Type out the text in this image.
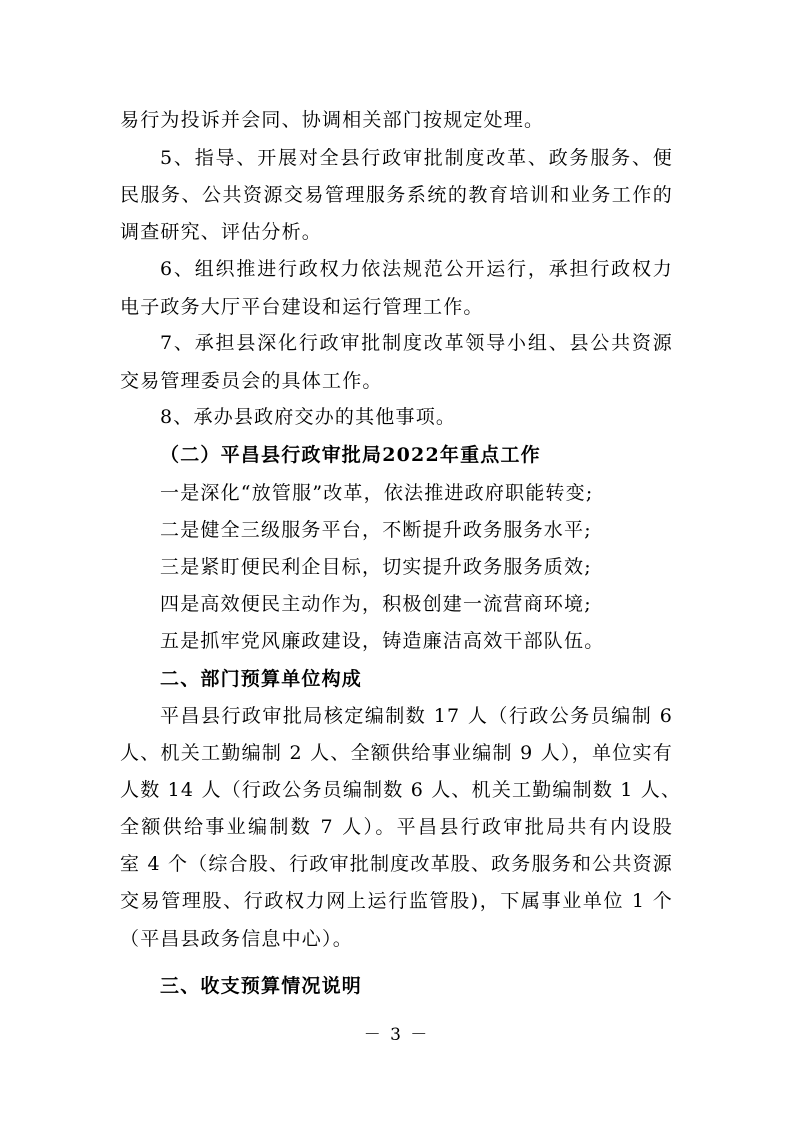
易行为投诉并会同、协调相关部门按规定处理。
5、指导、开展对全县行政审批制度改革、政务服务、便
民服务、公共资源交易管理服务系统的教育培训和业务工作的
调查研究、评估分析。
6、组织推进行政权力依法规范公开运行，承担行政权力
电子政务大厅平台建设和运行管理工作。
7、承担县深化行政审批制度改革领导小组、县公共资源
交易管理委员会的具体工作。
8、承办县政府交办的其他事项。
（二）平昌县行政审批局2022年重点工作
一是深化“放管服”改革，依法推进政府职能转变;
二是健全三级服务平台，不断提升政务服务水平;
三是紧盯便民利企目标，切实提升政务服务质效;
四是高效便民主动作为，积极创建一流营商环境;
五是抓牢党风廉政建设，铸造廉洁高效干部队伍。
二、部门预算单位构成
平昌县行政审批局核定编制数 17 人（行政公务员编制 6
人、机关工勤编制 2 人、全额供给事业编制 9 人），单位实有
人数 14 人（行政公务员编制数 6 人、机关工勤编制数 1 人、
全额供给事业编制数 7 人）。平昌县行政审批局共有内设股
室 4 个（综合股、行政审批制度改革股、政务服务和公共资源
交易管理股、行政权力网上运行监管股)，下属事业单位 1 个
（平昌县政务信息中心）。
三、收支预算情况说明
－ 3 －
